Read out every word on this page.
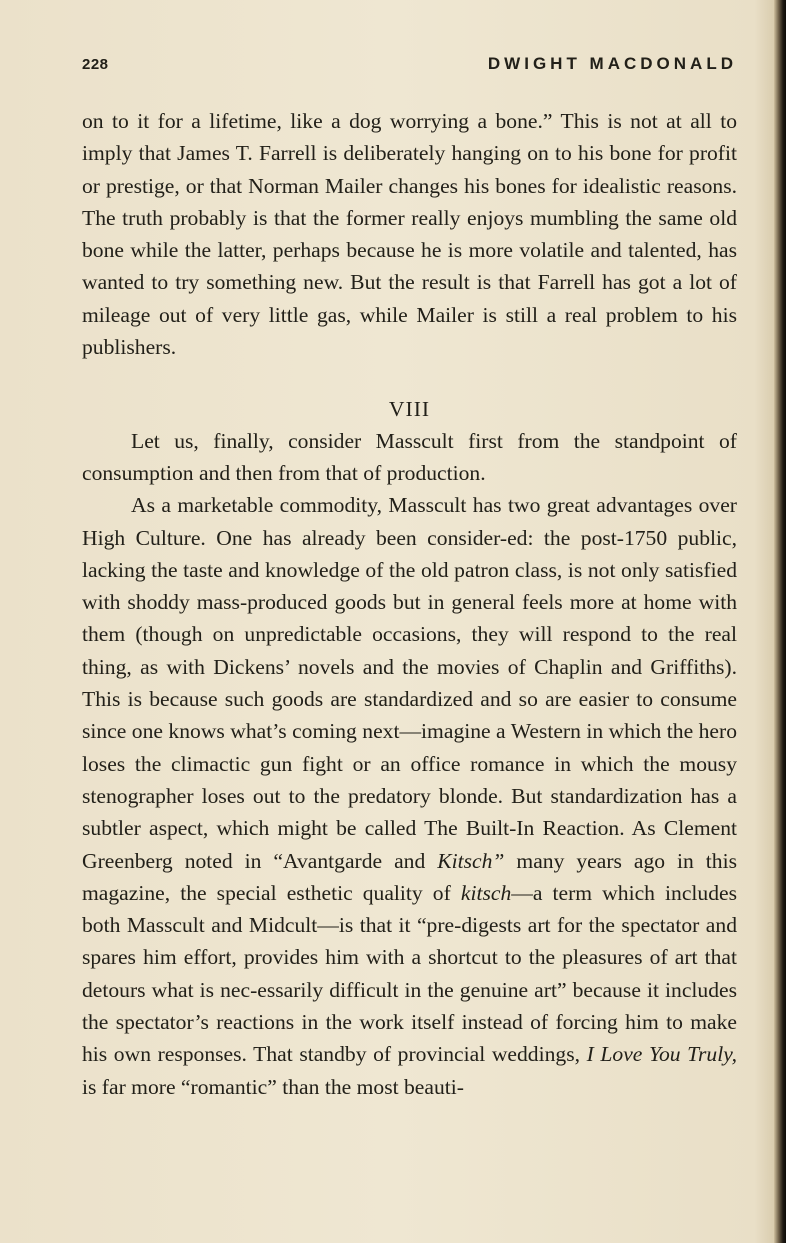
228	DWIGHT MACDONALD

on to it for a lifetime, like a dog worrying a bone.” This is not at all to imply that James T. Farrell is deliberately hanging on to his bone for profit or prestige, or that Norman Mailer changes his bones for idealistic reasons. The truth probably is that the former really enjoys mumbling the same old bone while the latter, perhaps because he is more volatile and talented, has wanted to try something new. But the result is that Farrell has got a lot of mileage out of very little gas, while Mailer is still a real problem to his publishers.

VIII

Let us, finally, consider Masscult first from the standpoint of consumption and then from that of production.

As a marketable commodity, Masscult has two great advantages over High Culture. One has already been consider-ed: the post-1750 public, lacking the taste and knowledge of the old patron class, is not only satisfied with shoddy mass-produced goods but in general feels more at home with them (though on unpredictable occasions, they will respond to the real thing, as with Dickens’ novels and the movies of Chaplin and Griffiths). This is because such goods are standardized and so are easier to consume since one knows what’s coming next—imagine a Western in which the hero loses the climactic gun fight or an office romance in which the mousy stenographer loses out to the predatory blonde. But standardization has a subtler aspect, which might be called The Built-In Reaction. As Clement Greenberg noted in “Avantgarde and Kitsch” many years ago in this magazine, the special esthetic quality of kitsch—a term which includes both Masscult and Midcult—is that it “pre-digests art for the spectator and spares him effort, provides him with a shortcut to the pleasures of art that detours what is nec-essarily difficult in the genuine art” because it includes the spectator’s reactions in the work itself instead of forcing him to make his own responses. That standby of provincial weddings, I Love You Truly, is far more “romantic” than the most beauti-
